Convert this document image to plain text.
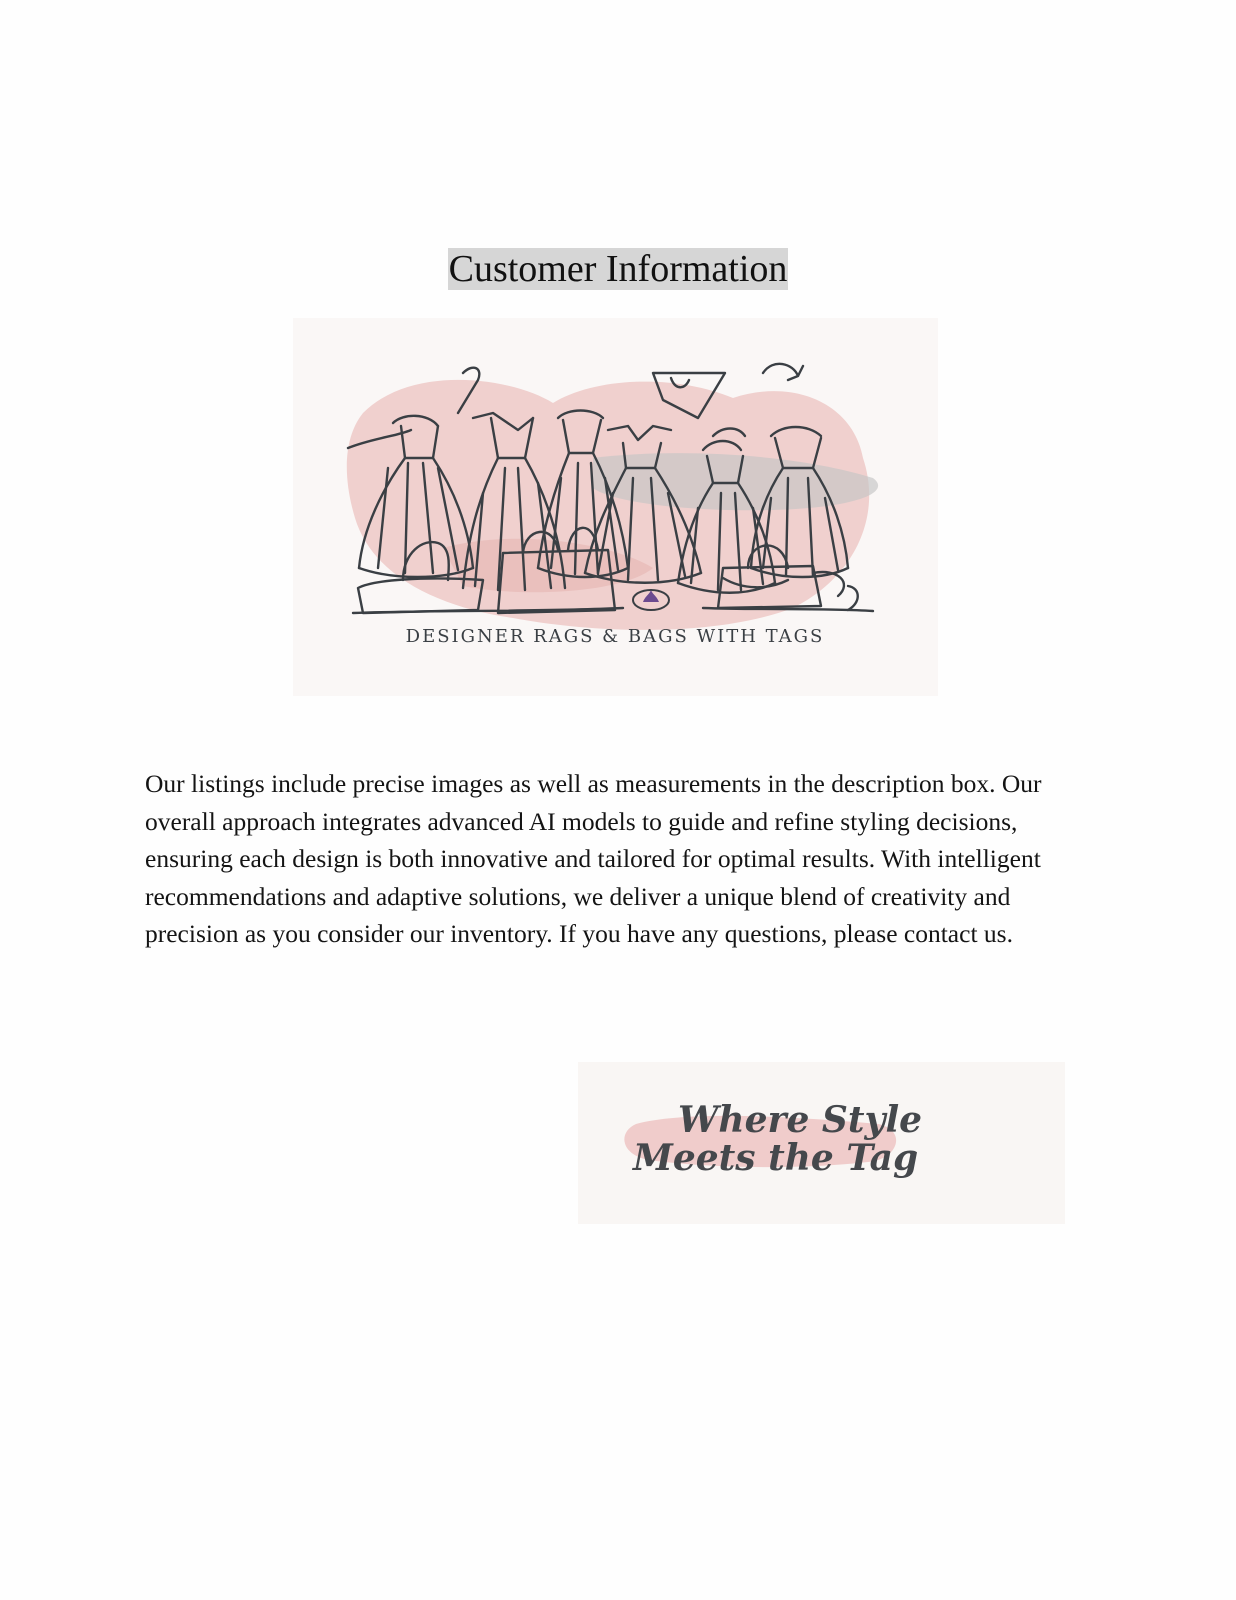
Customer Information
DESIGNER RAGS & BAGS WITH TAGS

Our listings include precise images as well as measurements in the description box. Our overall approach integrates advanced AI models to guide and refine styling decisions, ensuring each design is both innovative and tailored for optimal results. With intelligent recommendations and adaptive solutions, we deliver a unique blend of creativity and precision as you consider our inventory. If you have any questions, please contact us.

Where Style
Meets the Tag
